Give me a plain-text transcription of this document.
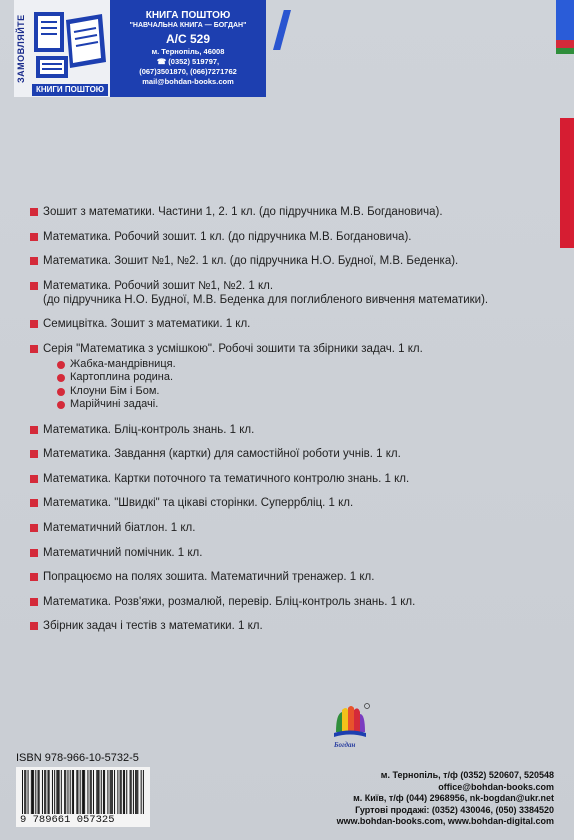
ЗАМОВЛЯЙТЕ
КНИГИ ПОШТОЮ
КНИГА ПОШТОЮ
"НАВЧАЛЬНА КНИГА — БОГДАН"
А/С 529
м. Тернопіль, 46008
☎ (0352) 519797,
(067)3501870, (066)7271762
mail@bohdan-books.com
Зошит з математики. Частини 1, 2. 1 кл. (до підручника М.В. Богдановича).
Математика. Робочий зошит. 1 кл. (до підручника М.В. Богдановича).
Математика. Зошит №1, №2. 1 кл. (до підручника Н.О. Будної, М.В. Беденка).
Математика. Робочий зошит №1, №2. 1 кл.
(до підручника Н.О. Будної, М.В. Беденка для поглибленого вивчення математики).
Семицвітка. Зошит з математики. 1 кл.
Серія "Математика з усмішкою". Робочі зошити та збірники задач. 1 кл.
Жабка-мандрівниця.
Картоплина родина.
Клоуни Бім і Бом.
Марійчині задачі.
Математика. Бліц-контроль знань. 1 кл.
Математика. Завдання (картки) для самостійної роботи учнів. 1 кл.
Математика. Картки поточного та тематичного контролю знань. 1 кл.
Математика. "Швидкі" та цікаві сторінки. Суперрбліц. 1 кл.
Математичний біатлон. 1 кл.
Математичний помічник. 1 кл.
Попрацюємо на полях зошита. Математичний тренажер. 1 кл.
Математика. Розв'яжи, розмалюй, перевір. Бліц-контроль знань. 1 кл.
Збірник задач і тестів з математики. 1 кл.
Богдан
ISBN 978-966-10-5732-5
9 789661 057325
м. Тернопіль, т/ф (0352) 520607, 520548
office@bohdan-books.com
м. Київ, т/ф (044) 2968956, nk-bogdan@ukr.net
Гуртові продажі: (0352) 430046, (050) 3384520
www.bohdan-books.com, www.bohdan-digital.com
